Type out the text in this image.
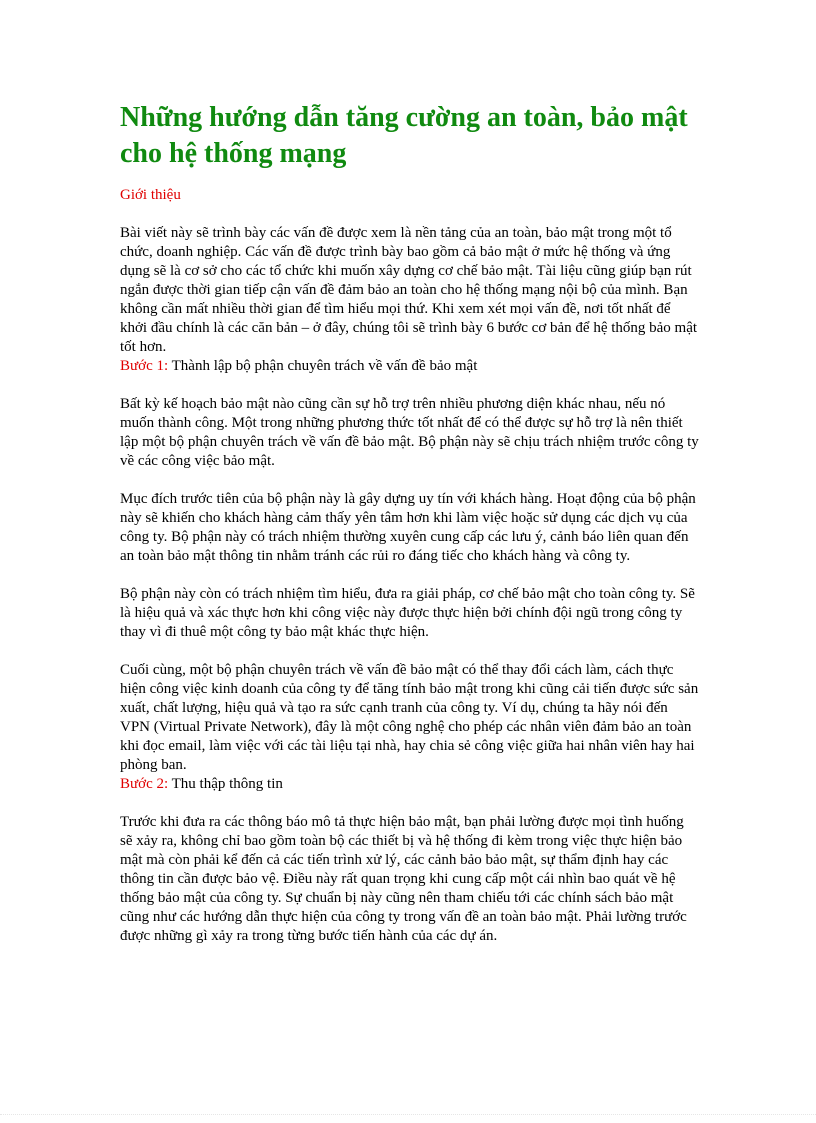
Những hướng dẫn tăng cường an toàn, bảo mật cho hệ thống mạng
Giới thiệu

Bài viết này sẽ trình bày các vấn đề được xem là nền tảng của an toàn, bảo mật trong một tổ chức, doanh nghiệp. Các vấn đề được trình bày bao gồm cả bảo mật ở mức hệ thống và ứng dụng sẽ là cơ sở cho các tổ chức khi muốn xây dựng cơ chế bảo mật. Tài liệu cũng giúp bạn rút ngắn được thời gian tiếp cận vấn đề đảm bảo an toàn cho hệ thống mạng nội bộ của mình. Bạn không cần mất nhiều thời gian để tìm hiểu mọi thứ. Khi xem xét mọi vấn đề, nơi tốt nhất để khởi đầu chính là các căn bản – ở đây, chúng tôi sẽ trình bày 6 bước cơ bản để hệ thống bảo mật tốt hơn.

Bước 1: Thành lập bộ phận chuyên trách về vấn đề bảo mật

Bất kỳ kế hoạch bảo mật nào cũng cần sự hỗ trợ trên nhiều phương diện khác nhau, nếu nó muốn thành công. Một trong những phương thức tốt nhất để có thể được sự hỗ trợ là nên thiết lập một bộ phận chuyên trách về vấn đề bảo mật. Bộ phận này sẽ chịu trách nhiệm trước công ty về các công việc bảo mật.

Mục đích trước tiên của bộ phận này là gây dựng uy tín với khách hàng. Hoạt động của bộ phận này sẽ khiến cho khách hàng cảm thấy yên tâm hơn khi làm việc hoặc sử dụng các dịch vụ của công ty. Bộ phận này có trách nhiệm thường xuyên cung cấp các lưu ý, cảnh báo liên quan đến an toàn bảo mật thông tin nhằm tránh các rủi ro đáng tiếc cho khách hàng và công ty.

Bộ phận này còn có trách nhiệm tìm hiểu, đưa ra giải pháp, cơ chế bảo mật cho toàn công ty. Sẽ là hiệu quả và xác thực hơn khi công việc này được thực hiện bởi chính đội ngũ trong công ty thay vì đi thuê một công ty bảo mật khác thực hiện.

Cuối cùng, một bộ phận chuyên trách về vấn đề bảo mật có thể thay đổi cách làm, cách thực hiện công việc kinh doanh của công ty để tăng tính bảo mật trong khi cũng cải tiến được sức sản xuất, chất lượng, hiệu quả và tạo ra sức cạnh tranh của công ty. Ví dụ, chúng ta hãy nói đến VPN (Virtual Private Network), đây là một công nghệ cho phép các nhân viên đảm bảo an toàn khi đọc email, làm việc với các tài liệu tại nhà, hay chia sẻ công việc giữa hai nhân viên hay hai phòng ban.

Bước 2: Thu thập thông tin

Trước khi đưa ra các thông báo mô tả thực hiện bảo mật, bạn phải lường được mọi tình huống sẽ xảy ra, không chỉ bao gồm toàn bộ các thiết bị và hệ thống đi kèm trong việc thực hiện bảo mật mà còn phải kể đến cả các tiến trình xử lý, các cảnh bảo bảo mật, sự thẩm định hay các thông tin cần được bảo vệ. Điều này rất quan trọng khi cung cấp một cái nhìn bao quát về hệ thống bảo mật của công ty. Sự chuẩn bị này cũng nên tham chiếu tới các chính sách bảo mật cũng như các hướng dẫn thực hiện của công ty trong vấn đề an toàn bảo mật. Phải lường trước được những gì xảy ra trong từng bước tiến hành của các dự án.
